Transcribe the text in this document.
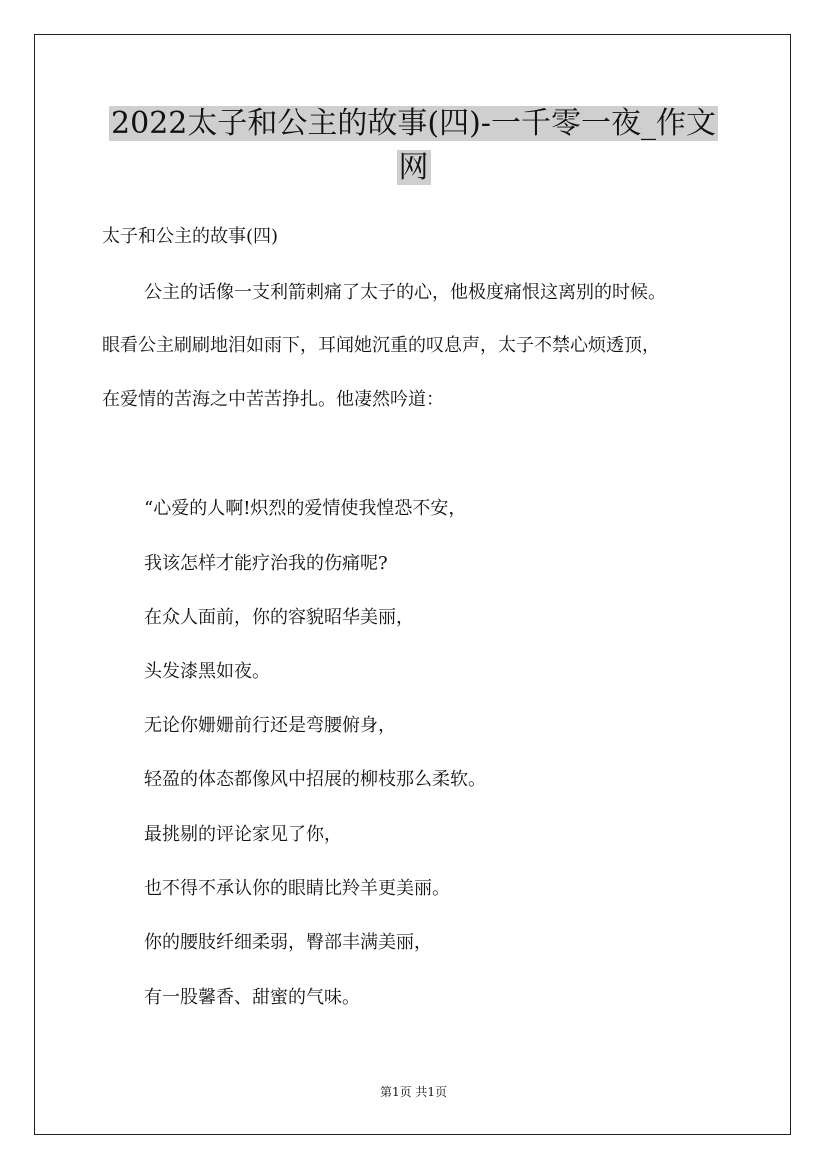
2022太子和公主的故事(四)-一千零一夜_作文
网
太子和公主的故事(四)
公主的话像一支利箭刺痛了太子的心，他极度痛恨这离别的时候。
眼看公主刷刷地泪如雨下，耳闻她沉重的叹息声，太子不禁心烦透顶，
在爱情的苦海之中苦苦挣扎。他凄然吟道：
“心爱的人啊!炽烈的爱情使我惶恐不安，
我该怎样才能疗治我的伤痛呢?
在众人面前，你的容貌昭华美丽，
头发漆黑如夜。
无论你姗姗前行还是弯腰俯身，
轻盈的体态都像风中招展的柳枝那么柔软。
最挑剔的评论家见了你，
也不得不承认你的眼睛比羚羊更美丽。
你的腰肢纤细柔弱，臀部丰满美丽，
有一股馨香、甜蜜的气味。
第1页 共1页
